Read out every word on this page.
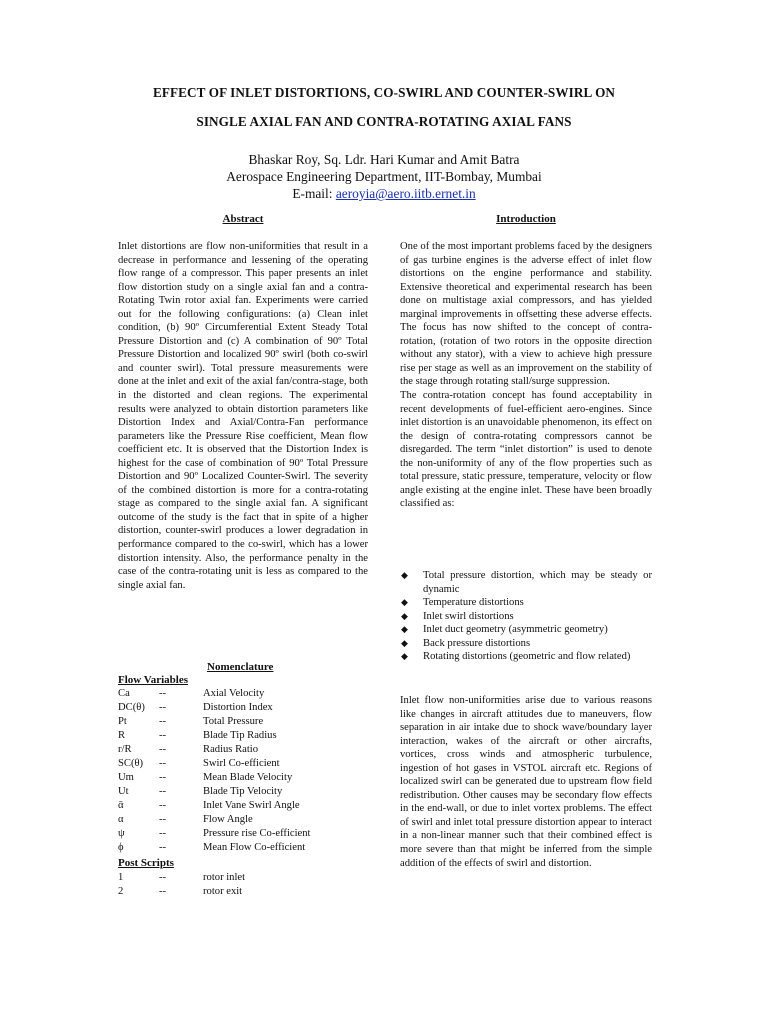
EFFECT OF INLET DISTORTIONS, CO-SWIRL AND COUNTER-SWIRL ON
SINGLE AXIAL FAN AND CONTRA-ROTATING AXIAL FANS
Bhaskar Roy, Sq. Ldr. Hari Kumar and Amit Batra
Aerospace Engineering Department, IIT-Bombay, Mumbai
E-mail: aeroyia@aero.iitb.ernet.in
Abstract

Inlet distortions are flow non-uniformities that result in a decrease in performance and lessening of the operating flow range of a compressor. This paper presents an inlet flow distortion study on a single axial fan and a contra-Rotating Twin rotor axial fan. Experiments were carried out for the following configurations: (a) Clean inlet condition, (b) 90º Circumferential Extent Steady Total Pressure Distortion and (c) A combination of 90º Total Pressure Distortion and localized 90º swirl (both co-swirl and counter swirl). Total pressure measurements were done at the inlet and exit of the axial fan/contra-stage, both in the distorted and clean regions. The experimental results were analyzed to obtain distortion parameters like Distortion Index and Axial/Contra-Fan performance parameters like the Pressure Rise coefficient, Mean flow coefficient etc. It is observed that the Distortion Index is highest for the case of combination of 90º Total Pressure Distortion and 90º Localized Counter-Swirl. The severity of the combined distortion is more for a contra-rotating stage as compared to the single axial fan. A significant outcome of the study is the fact that in spite of a higher distortion, counter-swirl produces a lower degradation in performance compared to the co-swirl, which has a lower distortion intensity. Also, the performance penalty in the case of the contra-rotating unit is less as compared to the single axial fan.

Nomenclature
Flow Variables
Ca	--	Axial Velocity
DC(θ) --	Distortion Index
Pt	--	Total Pressure
R	--	Blade Tip Radius
r/R	--	Radius Ratio
SC(θ) --	Swirl Co-efficient
Um --	Mean Blade Velocity
Ut	--	Blade Tip Velocity
ᾱ	--	Inlet Vane Swirl Angle
α	--	Flow Angle
ψ	--	Pressure rise Co-efficient
ϕ	--	Mean Flow Co-efficient
Post Scripts
1	--	rotor inlet
2	--	rotor exit
Introduction

One of the most important problems faced by the designers of gas turbine engines is the adverse effect of inlet flow distortions on the engine performance and stability. Extensive theoretical and experimental research has been done on multistage axial compressors, and has yielded marginal improvements in offsetting these adverse effects. The focus has now shifted to the concept of contra-rotation, (rotation of two rotors in the opposite direction without any stator), with a view to achieve high pressure rise per stage as well as an improvement on the stability of the stage through rotating stall/surge suppression.

The contra-rotation concept has found acceptability in recent developments of fuel-efficient aero-engines. Since inlet distortion is an unavoidable phenomenon, its effect on the design of contra-rotating compressors cannot be disregarded. The term “inlet distortion” is used to denote the non-uniformity of any of the flow properties such as total pressure, static pressure, temperature, velocity or flow angle existing at the engine inlet. These have been broadly classified as:

◆ Total pressure distortion, which may be steady or dynamic
◆ Temperature distortions
◆ Inlet swirl distortions
◆ Inlet duct geometry (asymmetric geometry)
◆ Back pressure distortions
◆ Rotating distortions (geometric and flow related)

Inlet flow non-uniformities arise due to various reasons like changes in aircraft attitudes due to maneuvers, flow separation in air intake due to shock wave/boundary layer interaction, wakes of the aircraft or other aircrafts, vortices, cross winds and atmospheric turbulence, ingestion of hot gases in VSTOL aircraft etc. Regions of localized swirl can be generated due to upstream flow field redistribution. Other causes may be secondary flow effects in the end-wall, or due to inlet vortex problems. The effect of swirl and inlet total pressure distortion appear to interact in a non-linear manner such that their combined effect is more severe than that might be inferred from the simple addition of the effects of swirl and distortion.
